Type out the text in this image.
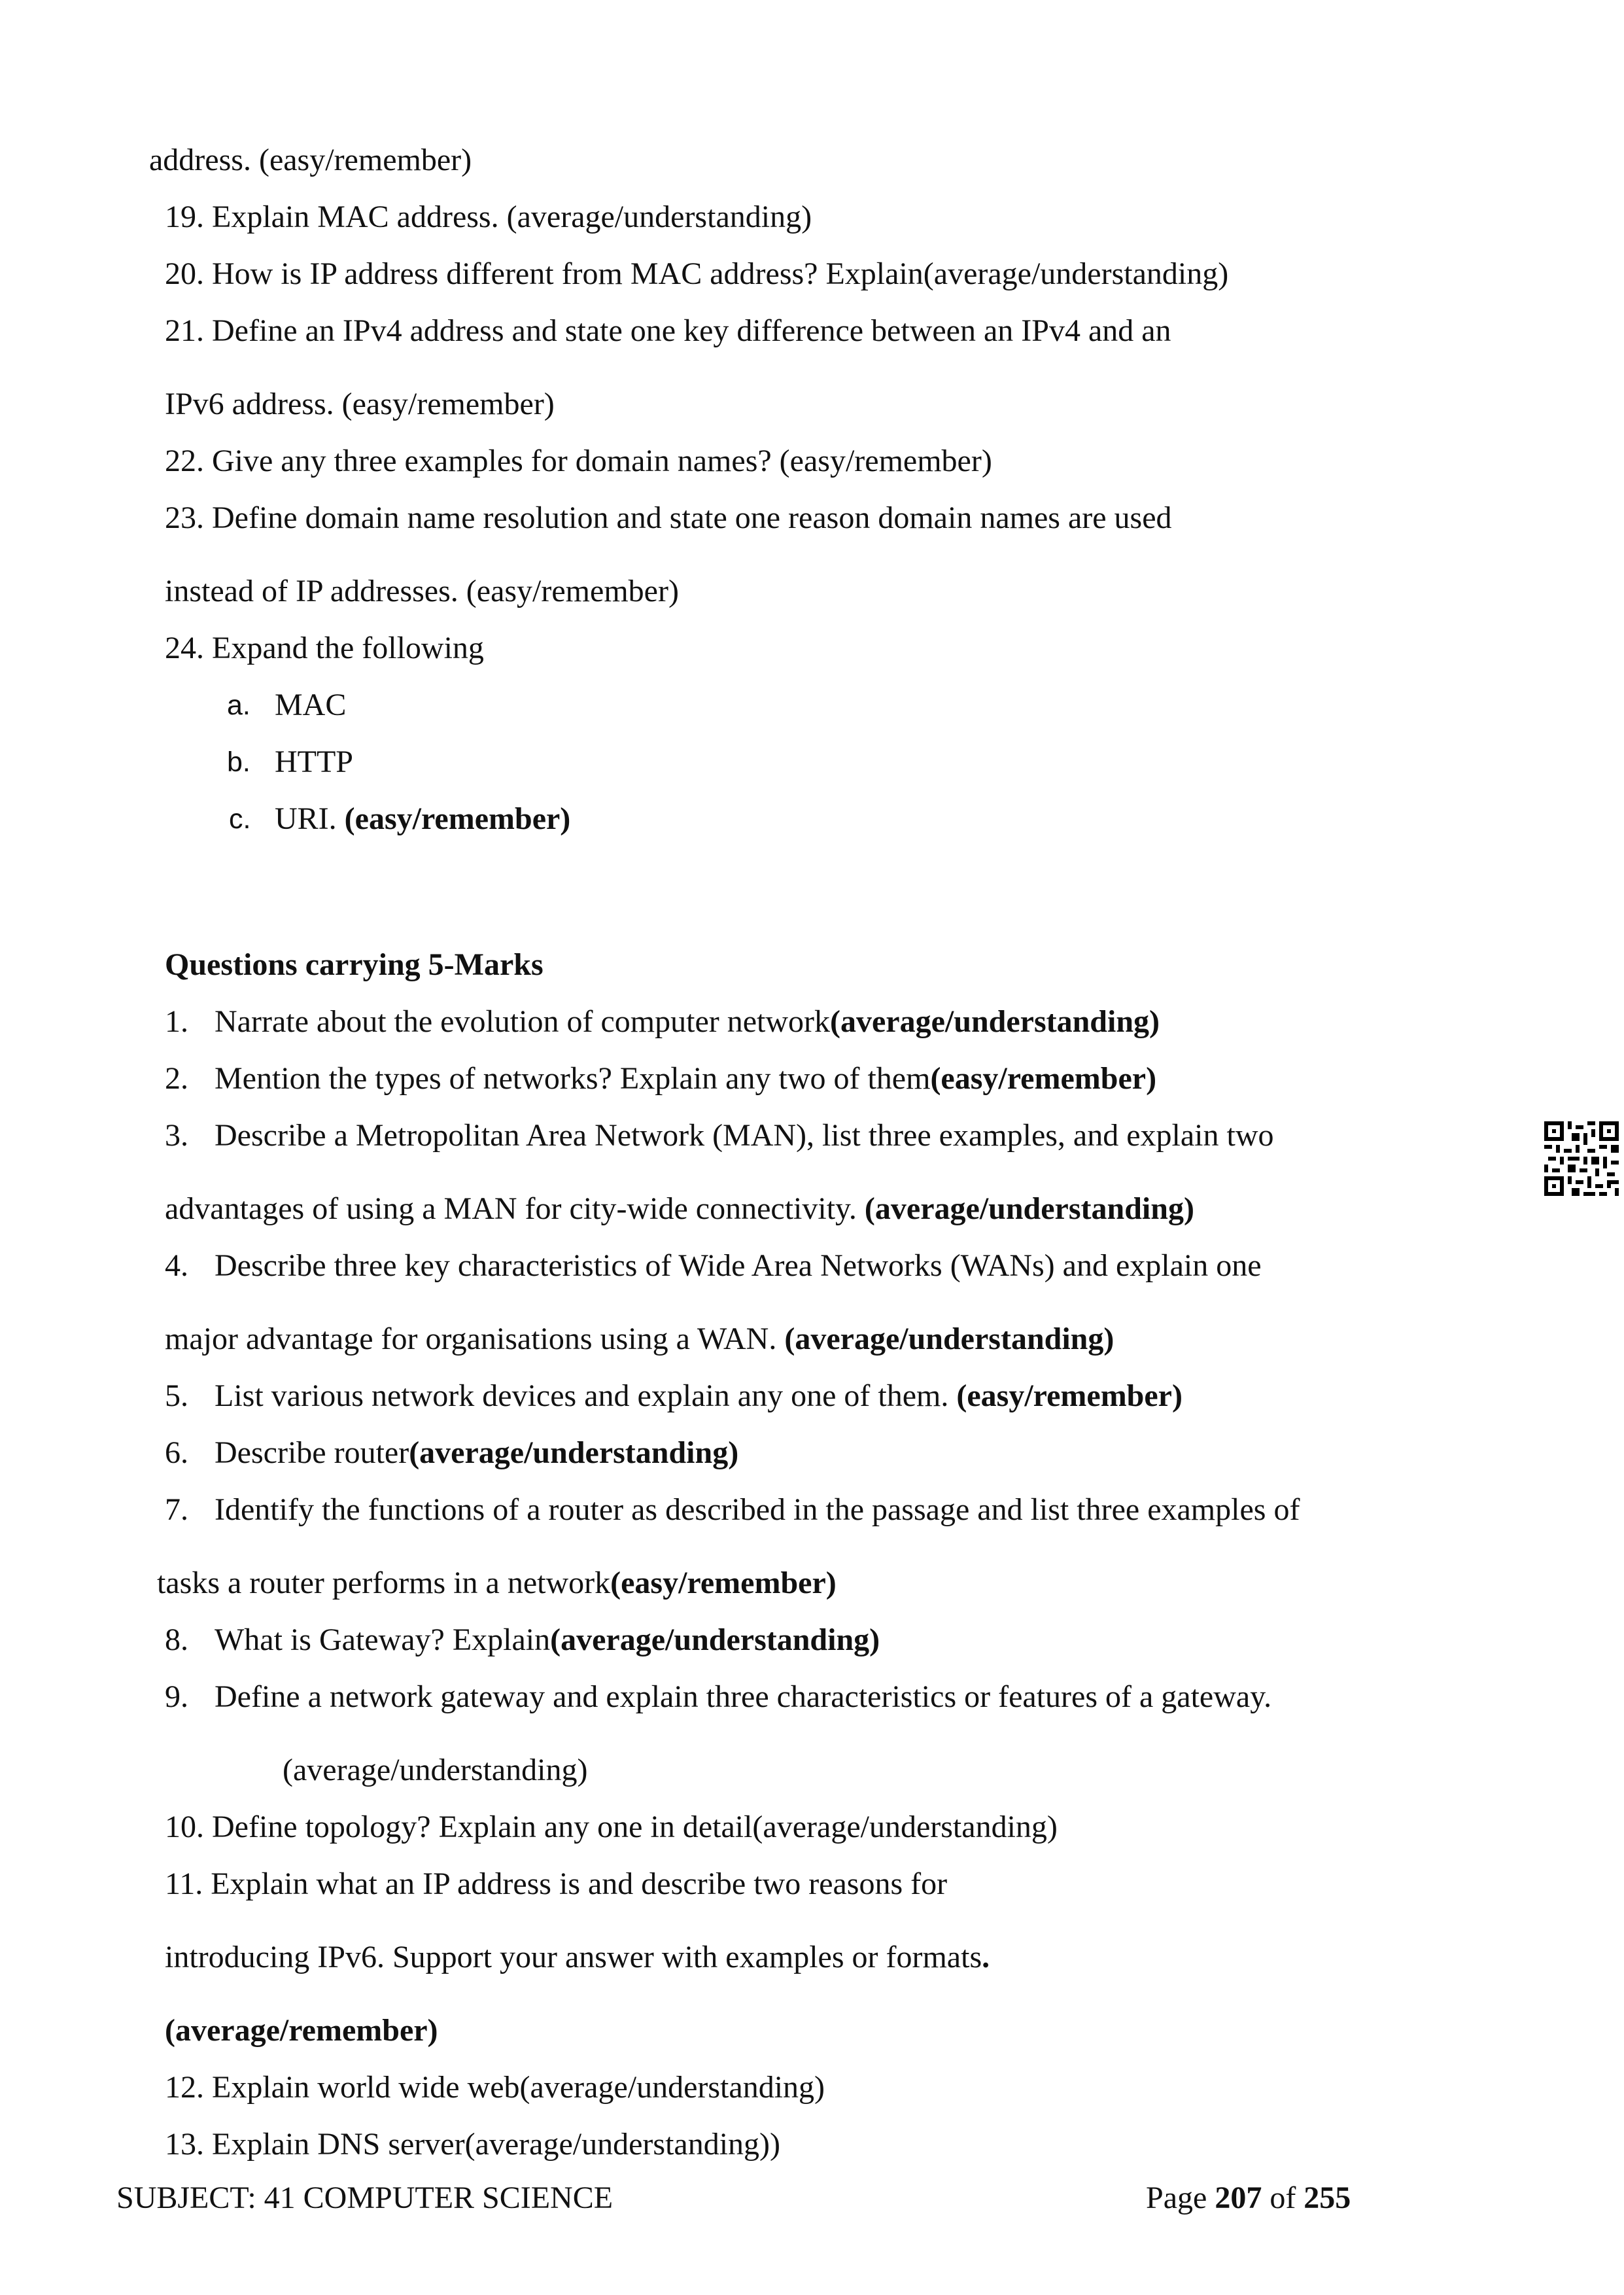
address. (easy/remember)
19. Explain MAC address. (average/understanding)
20. How is IP address different from MAC address? Explain(average/understanding)
21. Define an IPv4 address and state one key difference between an IPv4 and an
IPv6 address. (easy/remember)
22. Give any three examples for domain names? (easy/remember)
23. Define domain name resolution and state one reason domain names are used
instead of IP addresses. (easy/remember)
24. Expand the following
a. MAC
b. HTTP
c. URI. (easy/remember)
Questions carrying 5-Marks
1. Narrate about the evolution of computer network(average/understanding)
2. Mention the types of networks? Explain any two of them(easy/remember)
3. Describe a Metropolitan Area Network (MAN), list three examples, and explain two
advantages of using a MAN for city-wide connectivity. (average/understanding)
4. Describe three key characteristics of Wide Area Networks (WANs) and explain one
major advantage for organisations using a WAN. (average/understanding)
5. List various network devices and explain any one of them. (easy/remember)
6. Describe router(average/understanding)
7. Identify the functions of a router as described in the passage and list three examples of
tasks a router performs in a network(easy/remember)
8. What is Gateway? Explain(average/understanding)
9. Define a network gateway and explain three characteristics or features of a gateway.
(average/understanding)
10. Define topology? Explain any one in detail(average/understanding)
11. Explain what an IP address is and describe two reasons for
introducing IPv6. Support your answer with examples or formats.
(average/remember)
12. Explain world wide web(average/understanding)
13. Explain DNS server(average/understanding))
SUBJECT: 41 COMPUTER SCIENCE	Page 207 of 255
